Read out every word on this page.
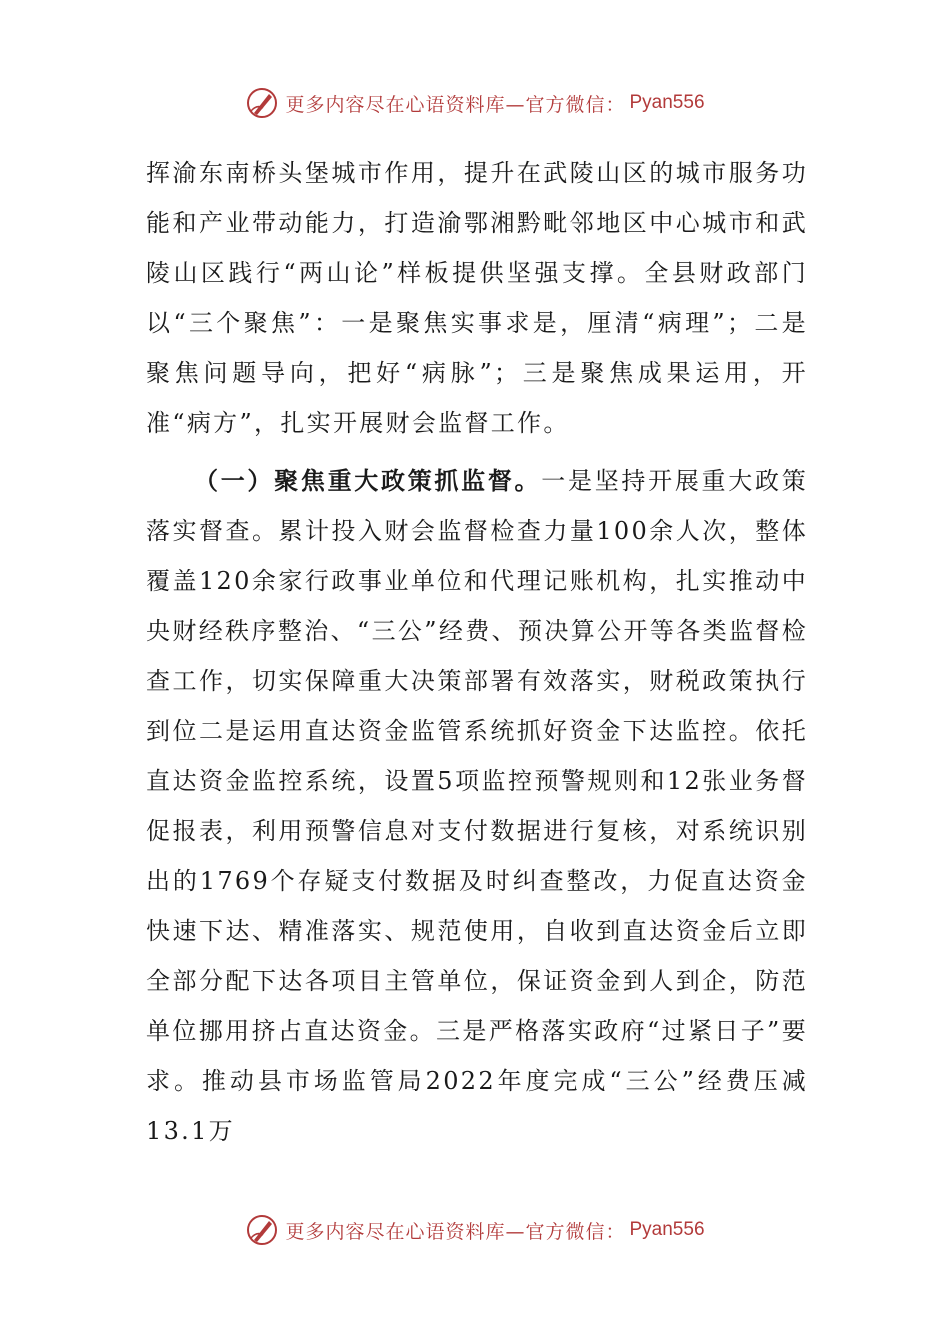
更多内容尽在心语资料库—官方微信： Pyan556

挥渝东南桥头堡城市作用，提升在武陵山区的城市服务功能和产业带动能力，打造渝鄂湘黔毗邻地区中心城市和武陵山区践行“两山论”样板提供坚强支撑。全县财政部门以“三个聚焦”：一是聚焦实事求是，厘清“病理”；二是聚焦问题导向，把好“病脉”；三是聚焦成果运用，开准“病方”，扎实开展财会监督工作。

（一）聚焦重大政策抓监督。一是坚持开展重大政策落实督查。累计投入财会监督检查力量100余人次，整体覆盖120余家行政事业单位和代理记账机构，扎实推动中央财经秩序整治、“三公”经费、预决算公开等各类监督检查工作，切实保障重大决策部署有效落实，财税政策执行到位二是运用直达资金监管系统抓好资金下达监控。依托直达资金监控系统，设置5项监控预警规则和12张业务督促报表，利用预警信息对支付数据进行复核，对系统识别出的1769个存疑支付数据及时纠查整改，力促直达资金快速下达、精准落实、规范使用，自收到直达资金后立即全部分配下达各项目主管单位，保证资金到人到企，防范单位挪用挤占直达资金。三是严格落实政府“过紧日子”要求。推动县市场监管局2022年度完成“三公”经费压减13.1万

更多内容尽在心语资料库—官方微信： Pyan556
